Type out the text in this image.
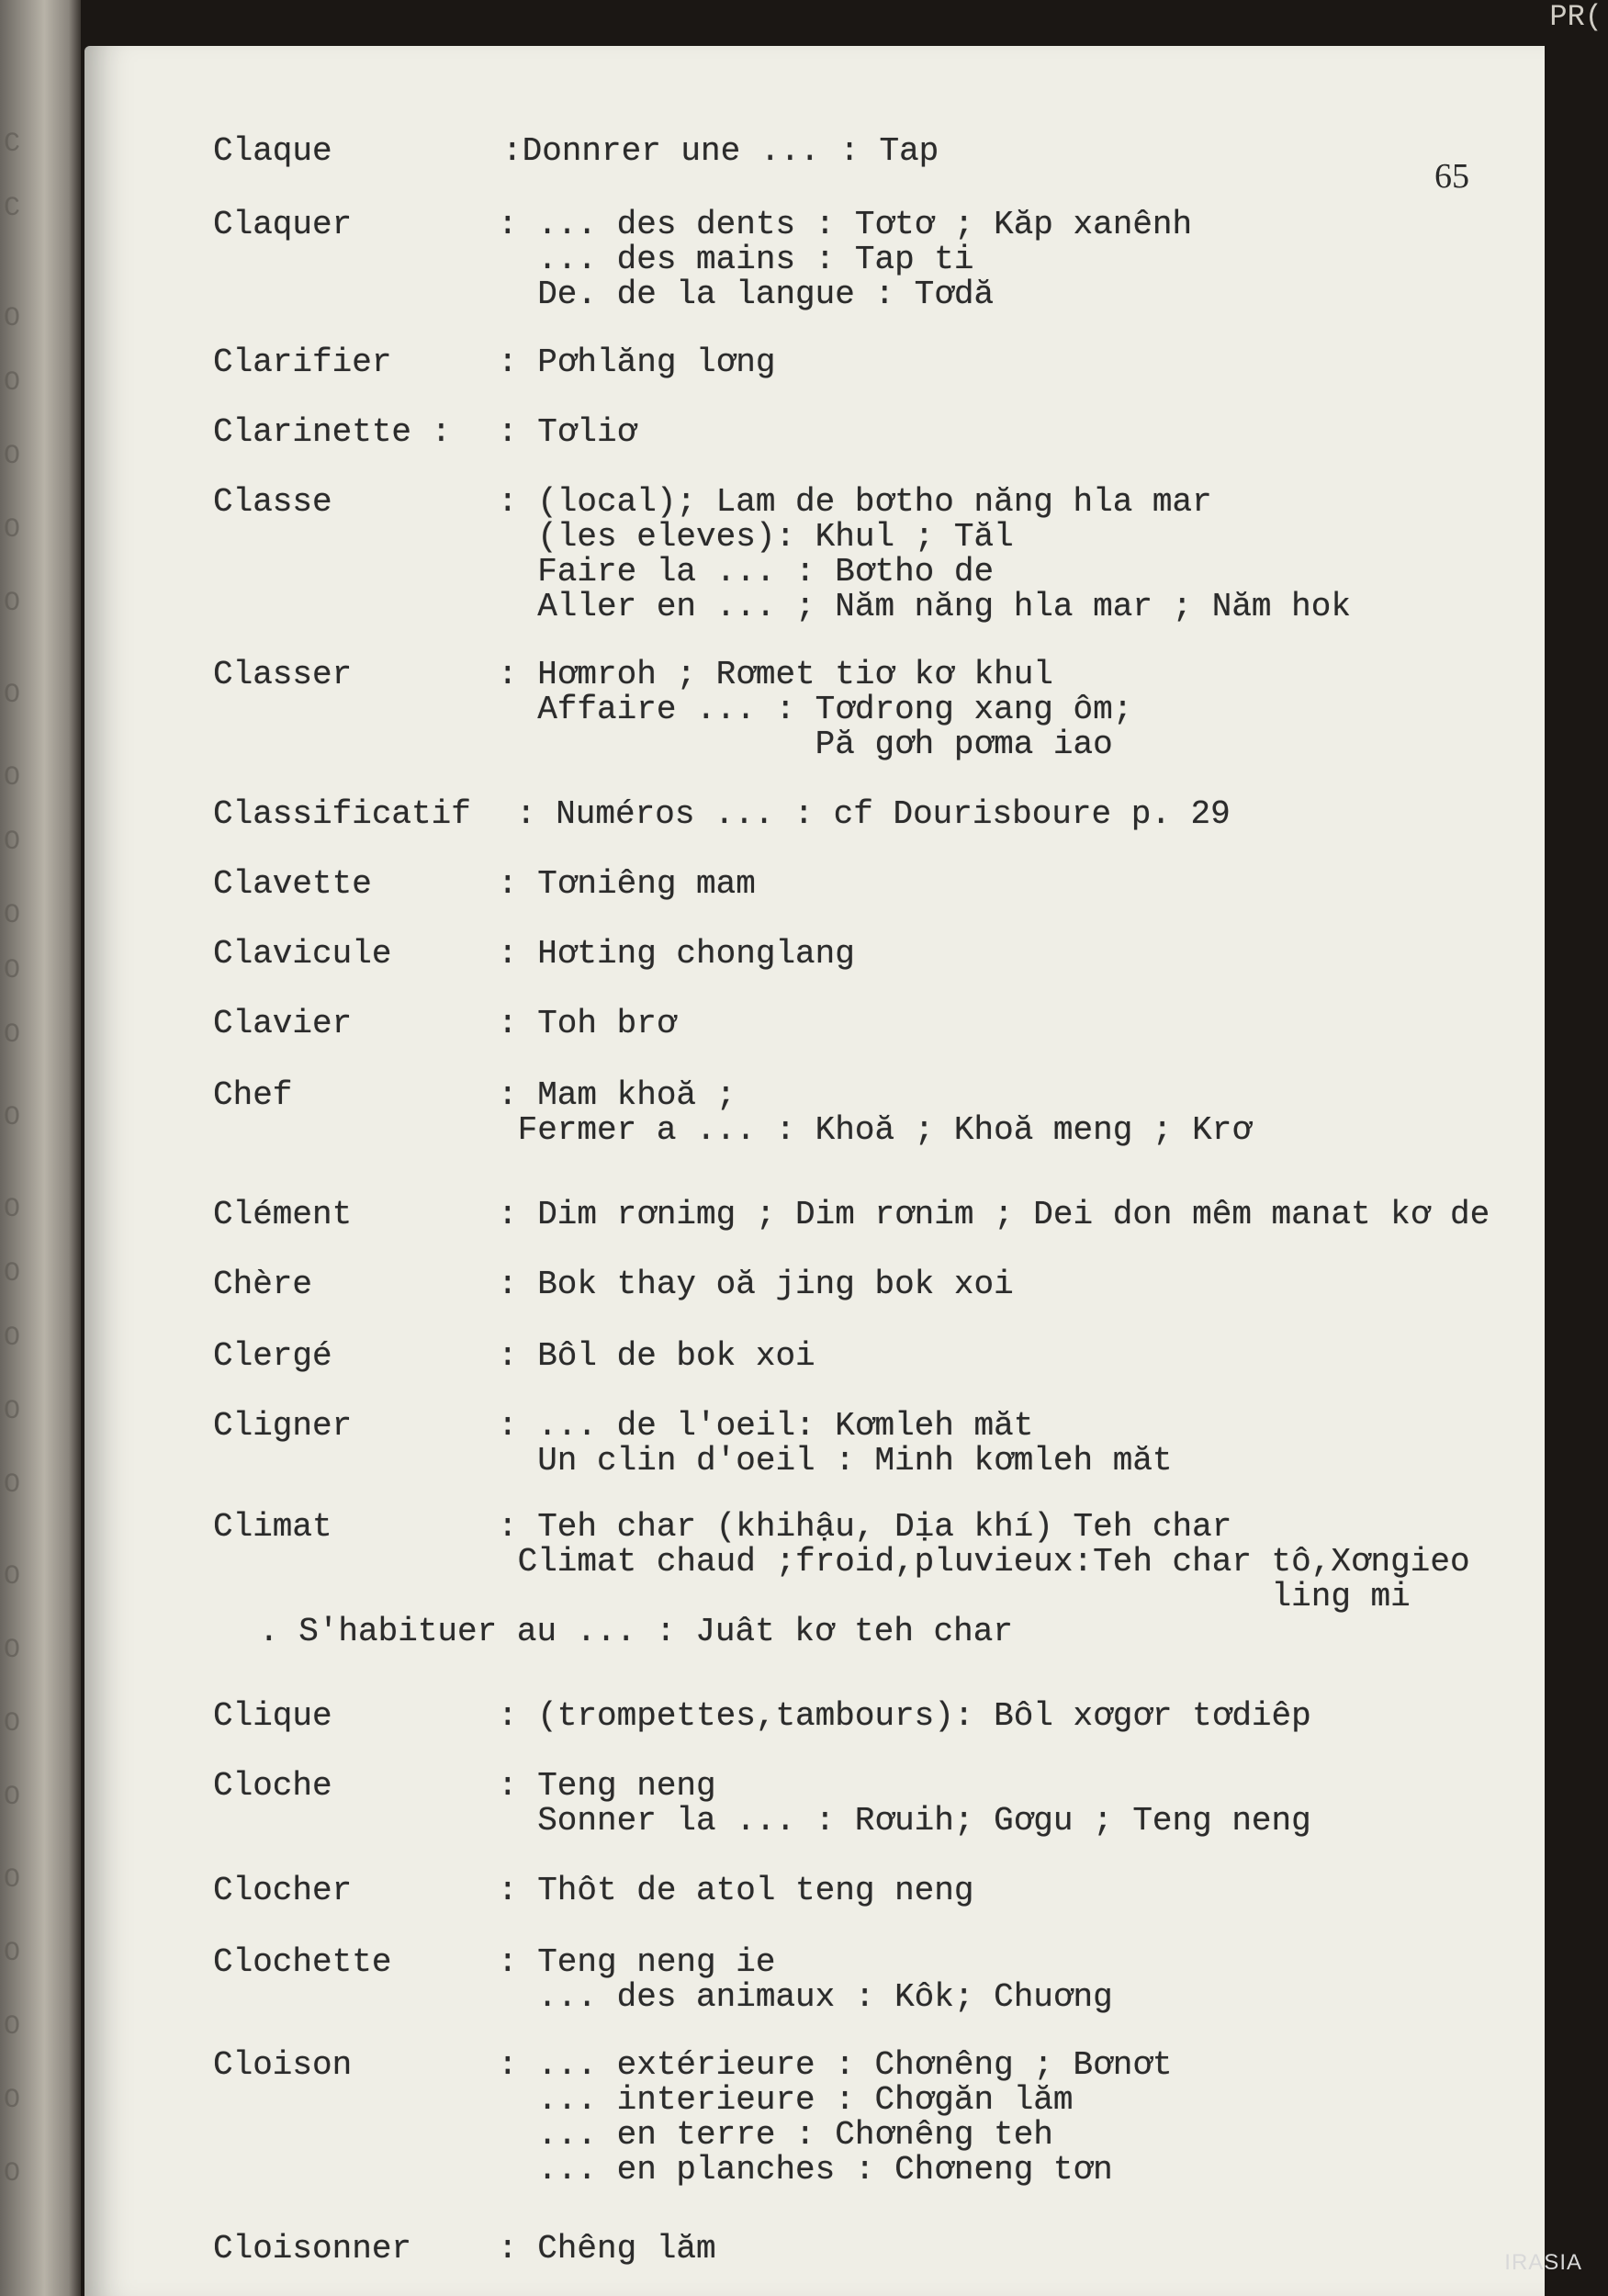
C
C
O
O
O
O
O
O
O
O
O
O
O
O
O
O
O
O
O
O
O
O
O
O
O
O
O
O
PR(
65
Claque	:Donnrer une ... : Tap
Claquer	: ... des dents : Tơtơ ; Kăp xanênh
... des mains : Tap ti
De. de la langue : Tơdă
Clarifier	: Pơhlăng lơng
Clarinette : : Tơliơ
Classe	: (local); Lam de bơtho năng hla mar
(les eleves): Khul ; Tăl
Faire la ... : Bơtho de
Aller en ... ; Năm năng hla mar ; Năm hok
Classer	: Hơmroh ; Rơmet tiơ kơ khul
Affaire ... : Tơdrong xang ôm;
Pă gơh pơma iao
Classificatif : Numéros ... : cf Dourisboure p. 29
Clavette	: Tơniêng mam
Clavicule	: Hơting chonglang
Clavier	: Toh brơ
Chef	: Mam khoă ;
Fermer a ... : Khoă ; Khoă meng ; Krơ
Clément	: Dim rơnimg ; Dim rơnim ; Dei don mêm manat kơ de
Chère	: Bok thay oă jing bok xoi
Clergé	: Bôl de bok xoi
Cligner	: ... de l'oeil: Kơmleh măt
Un clin d'oeil : Minh kơmleh măt
Climat	: Teh char (khihậu, Dịa khí) Teh char
Climat chaud ;froid,pluvieux:Teh char tô,Xơngieo
ling mi
. S'habituer au ... : Juât kơ teh char
Clique	: (trompettes,tambours): Bôl xơgơr tơdiêp
Cloche	: Teng neng
Sonner la ... : Rơuih; Gơgu ; Teng neng
Clocher	: Thôt de atol teng neng
Clochette	: Teng neng ie
... des animaux : Kôk; Chuơng
Cloison	: ... extérieure : Chơnêng ; Bơnơt
... interieure : Chơgăn lăm
... en terre : Chơnêng teh
... en planches : Chơneng tơn
Cloisonner	: Chêng lăm	IRASIA
